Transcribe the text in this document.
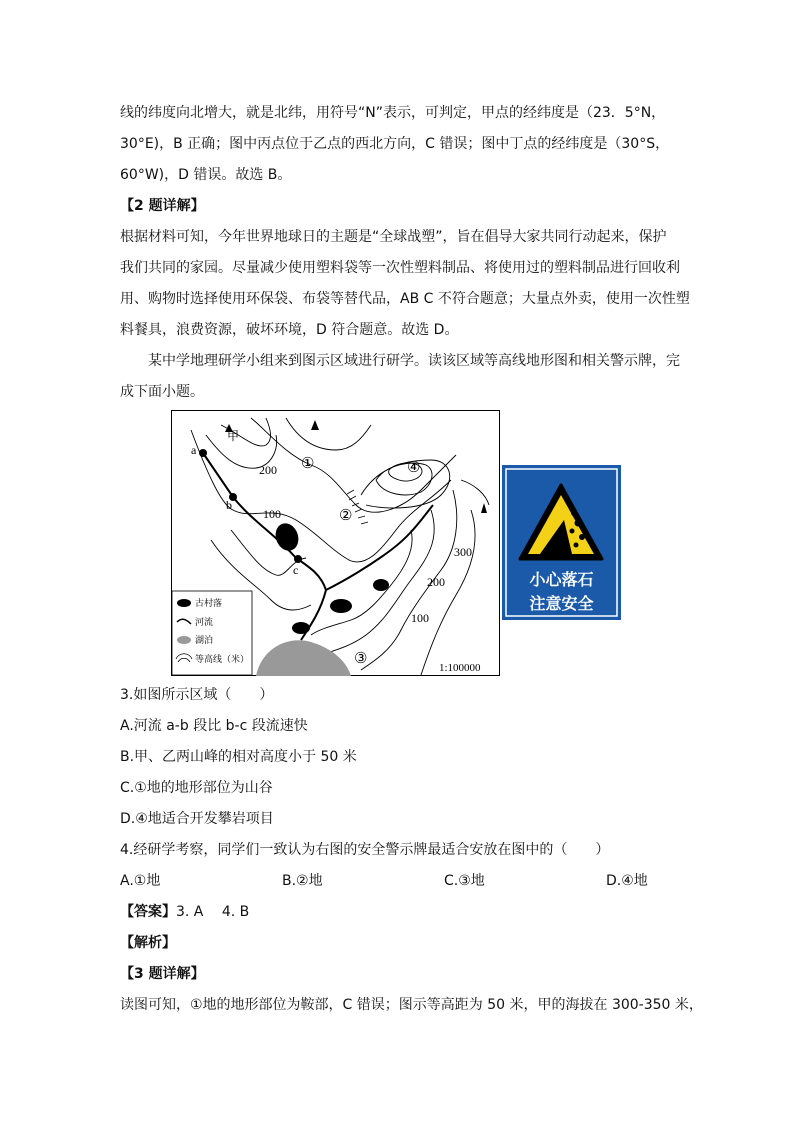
线的纬度向北增大，就是北纬，用符号“N”表示，可判定，甲点的经纬度是（23．5°N，
30°E)，B 正确；图中丙点位于乙点的西北方向，C 错误；图中丁点的经纬度是（30°S，
60°W)，D 错误。故选 B。
【2 题详解】
根据材料可知，今年世界地球日的主题是“全球战塑”，旨在倡导大家共同行动起来，保护
我们共同的家园。尽量减少使用塑料袋等一次性塑料制品、将使用过的塑料制品进行回收利
用、购物时选择使用环保袋、布袋等替代品，AB C 不符合题意；大量点外卖，使用一次性塑
料餐具，浪费资源，破坏环境，D 符合题意。故选 D。
某中学地理研学小组来到图示区域进行研学。读该区域等高线地形图和相关警示牌，完
成下面小题。
甲
a
b
c
①
②
③
④
200
100
300
200
100
1:100000
古村落
河流
湖泊
等高线（米）
小心落石
注意安全
3.如图所示区域（　　）
A.河流 a-b 段比 b-c 段流速快
B.甲、乙两山峰的相对高度小于 50 米
C.①地的地形部位为山谷
D.④地适合开发攀岩项目
4.经研学考察，同学们一致认为右图的安全警示牌最适合安放在图中的（　　）
A.①地	B.②地	C.③地	D.④地
【答案】3. A　 4. B
【解析】
【3 题详解】
读图可知，①地的地形部位为鞍部，C 错误；图示等高距为 50 米，甲的海拔在 300-350 米，
